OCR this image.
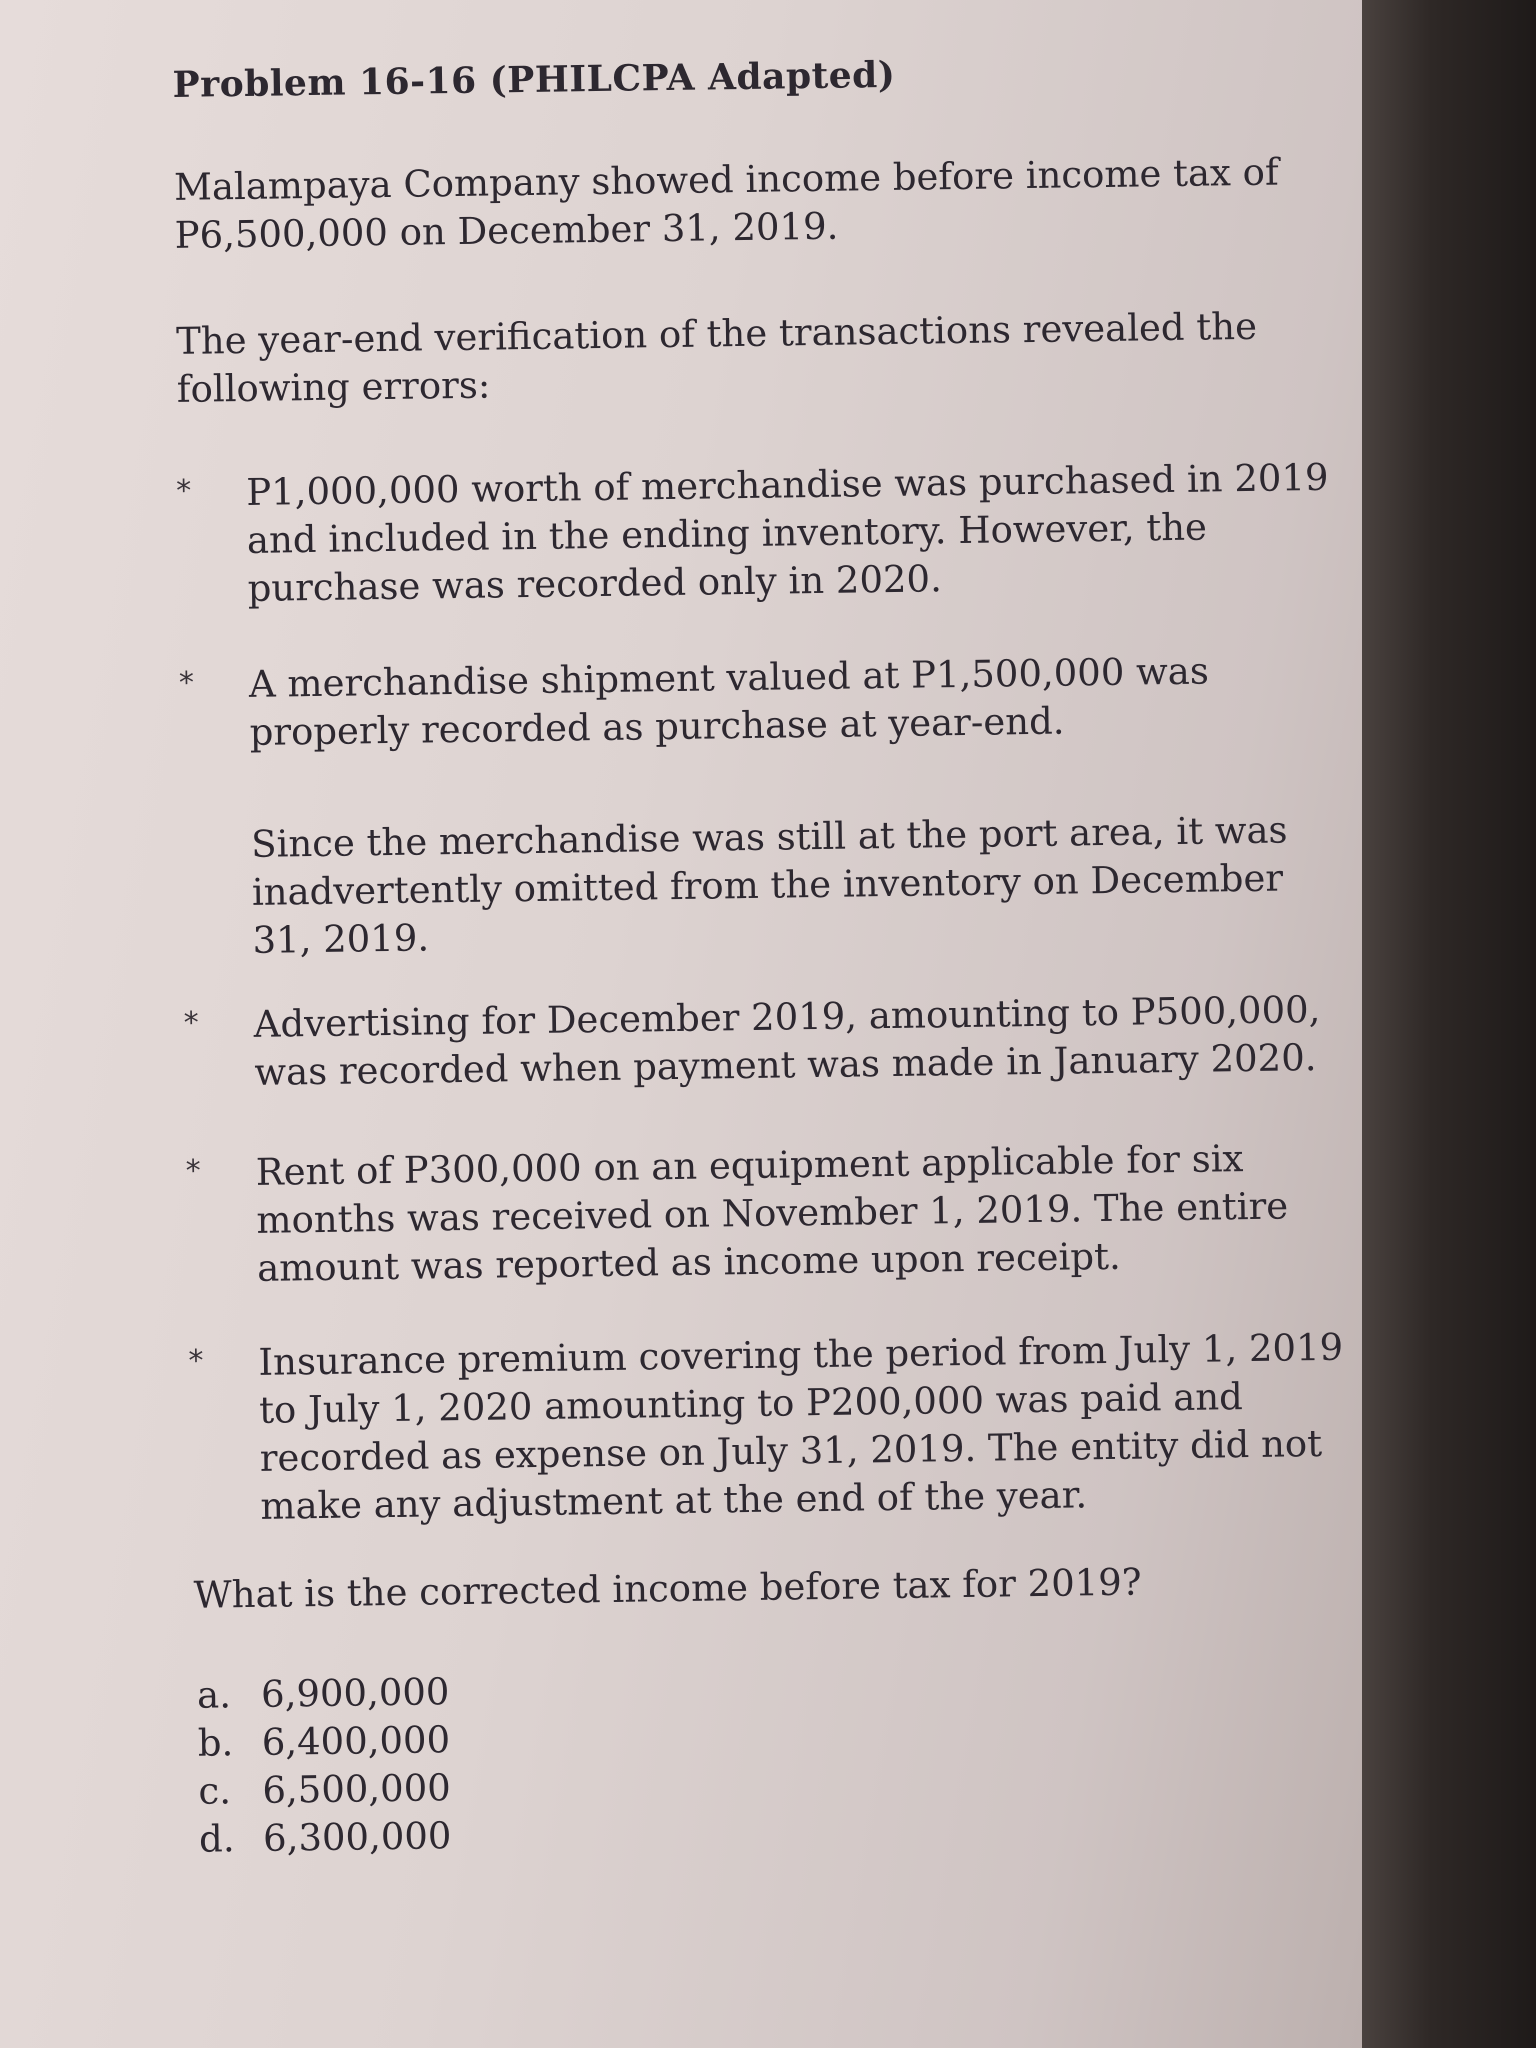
Problem 16-16 (PHILCPA Adapted)
Malampaya Company showed income before income tax of P6,500,000 on December 31, 2019.
The year-end verification of the transactions revealed the following errors:
* P1,000,000 worth of merchandise was purchased in 2019 and included in the ending inventory. However, the purchase was recorded only in 2020.
* A merchandise shipment valued at P1,500,000 was properly recorded as purchase at year-end.
Since the merchandise was still at the port area, it was inadvertently omitted from the inventory on December 31, 2019.
* Advertising for December 2019, amounting to P500,000, was recorded when payment was made in January 2020.
* Rent of P300,000 on an equipment applicable for six months was received on November 1, 2019. The entire amount was reported as income upon receipt.
* Insurance premium covering the period from July 1, 2019 to July 1, 2020 amounting to P200,000 was paid and recorded as expense on July 31, 2019. The entity did not make any adjustment at the end of the year.
What is the corrected income before tax for 2019?
a. 6,900,000
b. 6,400,000
c. 6,500,000
d. 6,300,000
